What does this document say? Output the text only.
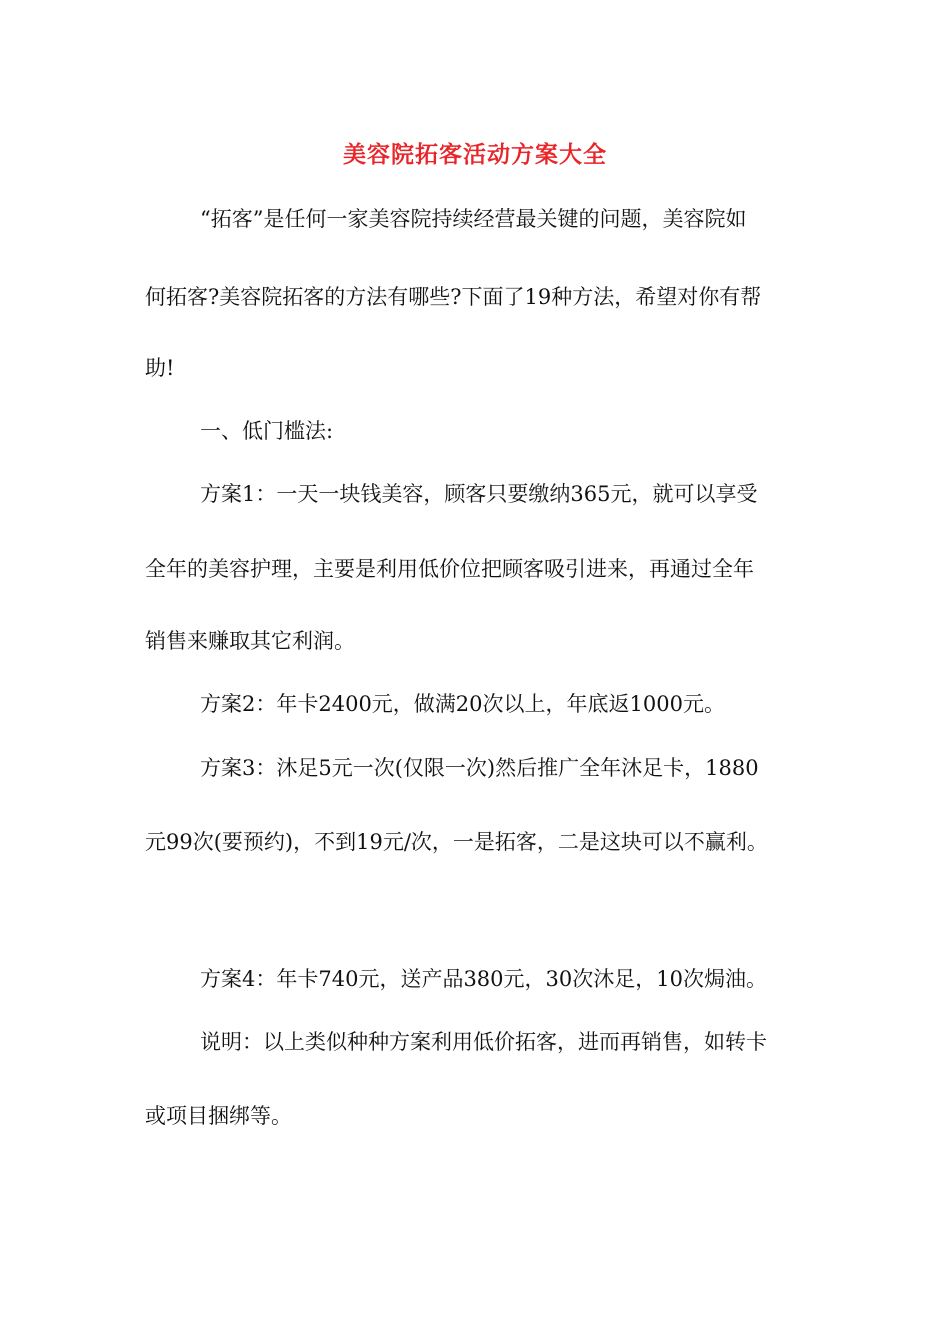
美容院拓客活动方案大全
“拓客”是任何一家美容院持续经营最关键的问题，美容院如
何拓客?美容院拓客的方法有哪些?下面了19种方法，希望对你有帮
助!
一、低门槛法:
方案1：一天一块钱美容，顾客只要缴纳365元，就可以享受
全年的美容护理，主要是利用低价位把顾客吸引进来，再通过全年
销售来赚取其它利润。
方案2：年卡2400元，做满20次以上，年底返1000元。
方案3：沐足5元一次(仅限一次)然后推广全年沐足卡，1880
元99次(要预约)，不到19元/次，一是拓客，二是这块可以不赢利。
方案4：年卡740元，送产品380元，30次沐足，10次焗油。
说明：以上类似种种方案利用低价拓客，进而再销售，如转卡
或项目捆绑等。
